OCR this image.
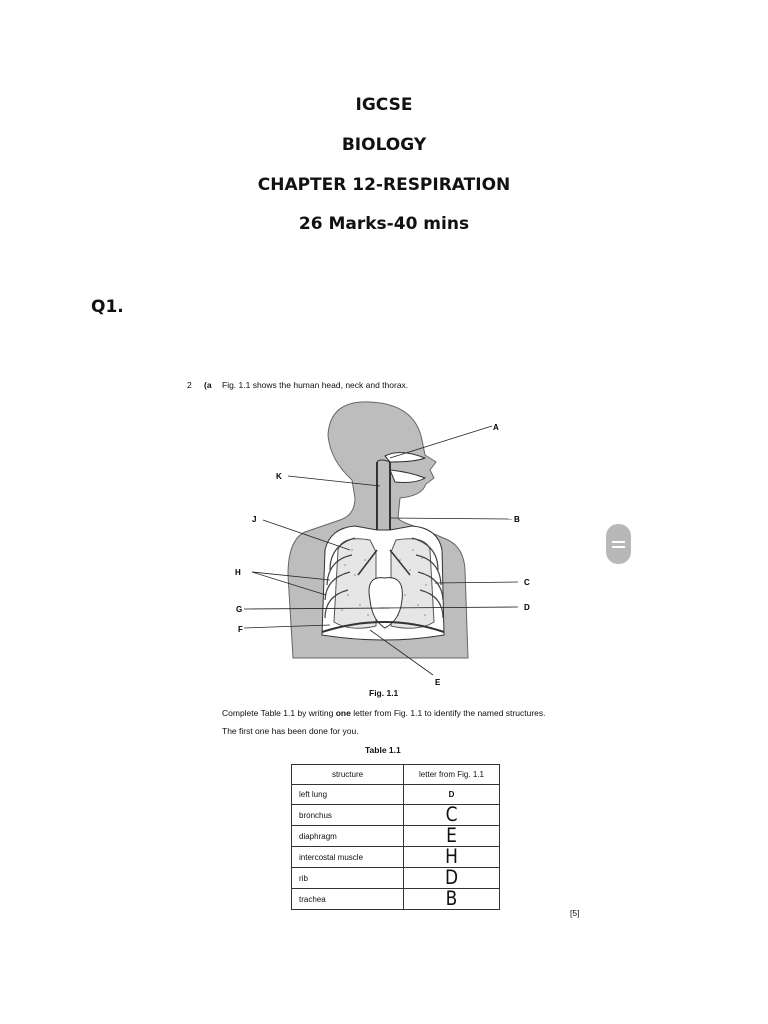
IGCSE
BIOLOGY
CHAPTER 12-RESPIRATION
26 Marks-40 mins
Q1.
2 (a Fig. 1.1 shows the human head, neck and thorax.
A
K
B
J
H
C
G	D
F
E
Fig. 1.1
Complete Table 1.1 by writing one letter from Fig. 1.1 to identify the named structures.
The first one has been done for you.
Table 1.1
structure	letter from Fig. 1.1
left lung	D
bronchus	C
diaphragm	E
intercostal muscle	H
rib	D
trachea	B
[5]
